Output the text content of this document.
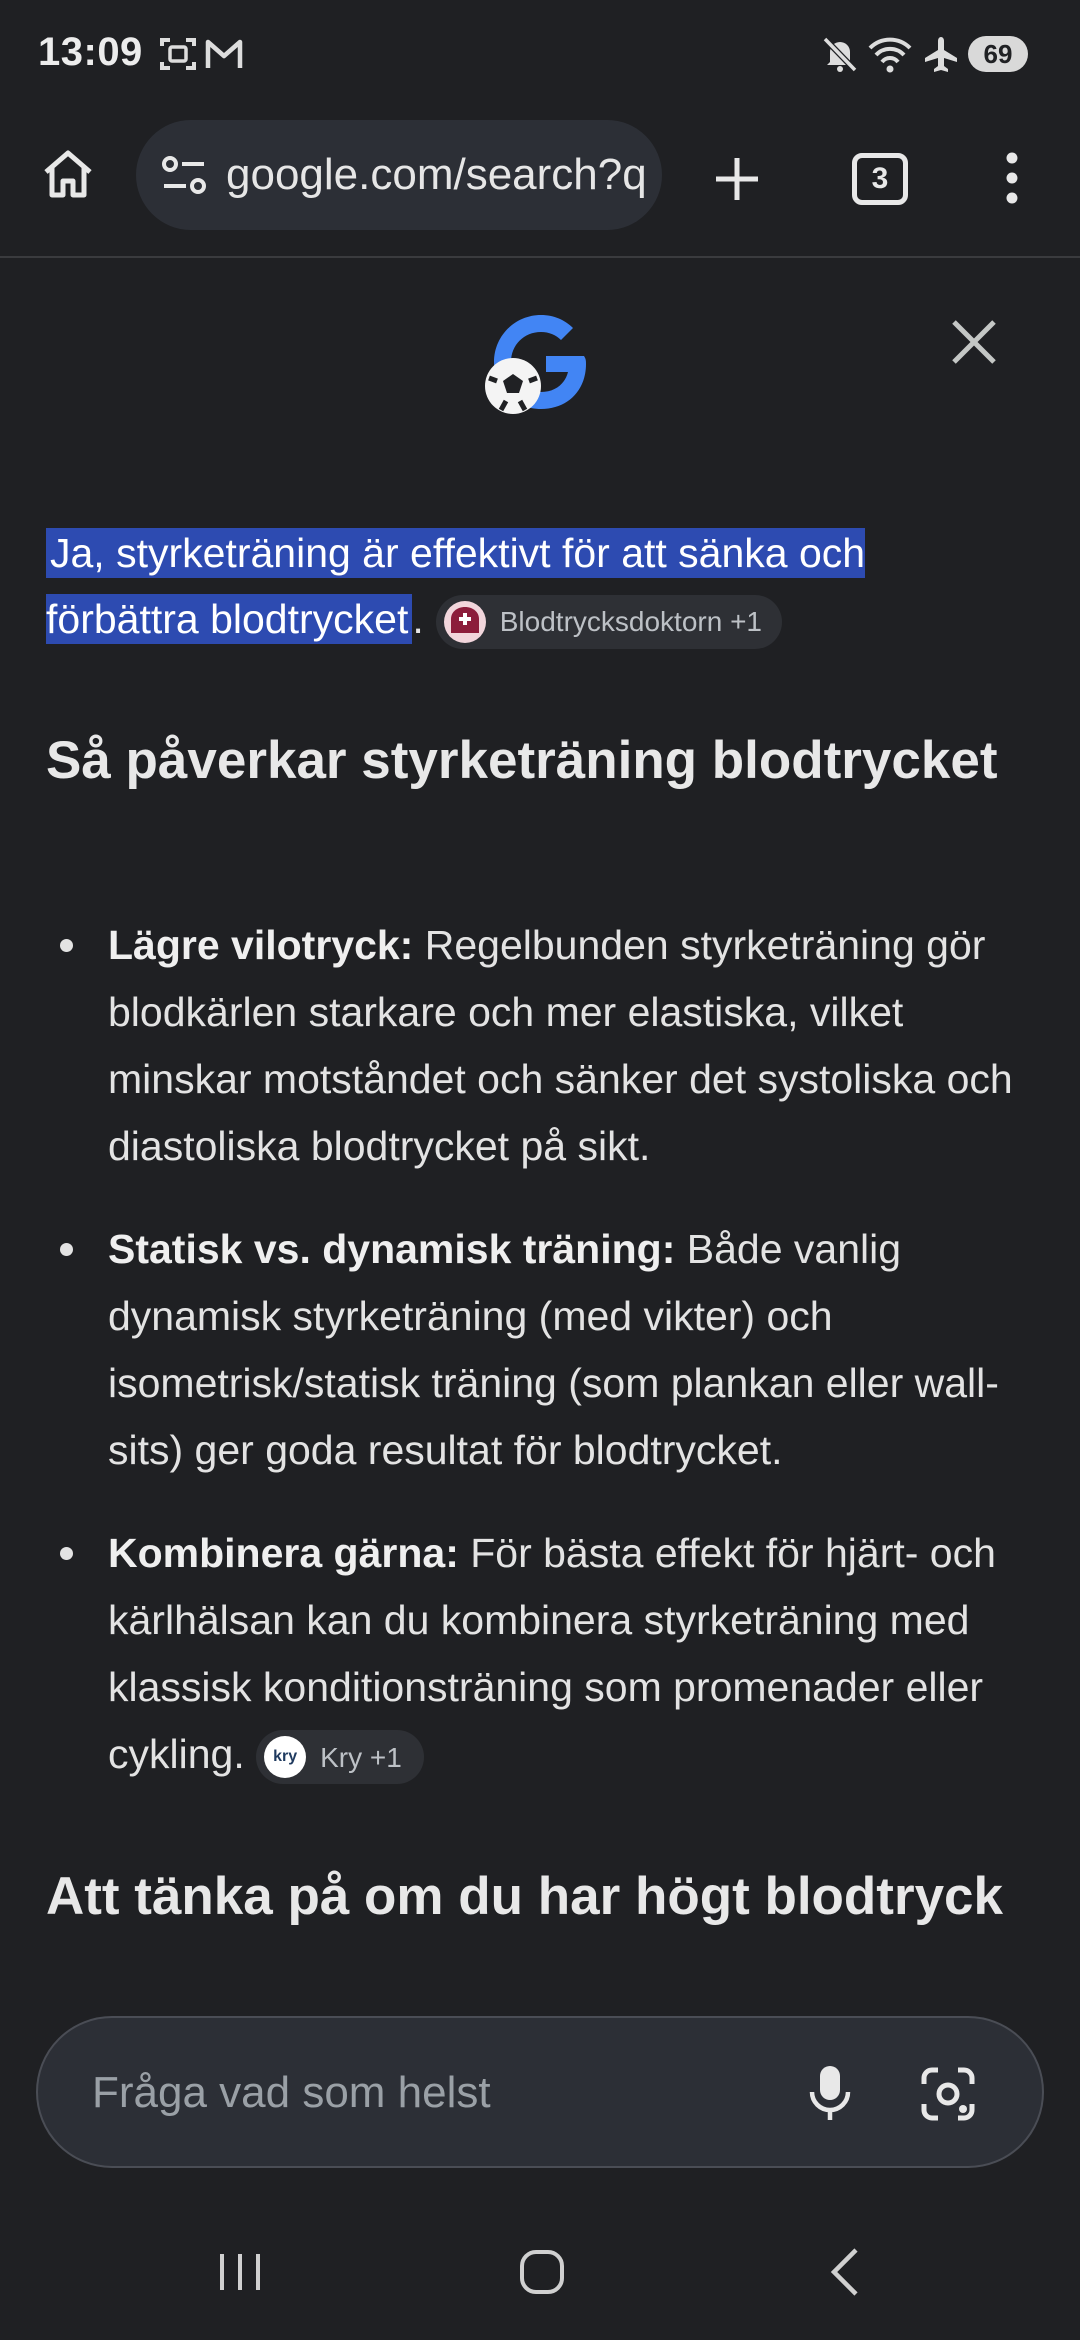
13:09	69
google.com/search?q	3
Ja, styrketräning är effektivt för att sänka och förbättra blodtrycket.	Blodtrycksdoktorn +1
Så påverkar styrketräning blodtrycket
Lägre vilotryck: Regelbunden styrketräning gör blodkärlen starkare och mer elastiska, vilket minskar motståndet och sänker det systoliska och diastoliska blodtrycket på sikt.
Statisk vs. dynamisk träning: Både vanlig dynamisk styrketräning (med vikter) och isometrisk/statisk träning (som plankan eller wall-sits) ger goda resultat för blodtrycket.
Kombinera gärna: För bästa effekt för hjärt- och kärlhälsan kan du kombinera styrketräning med klassisk konditionsträning som promenader eller cykling.	kry Kry +1
Att tänka på om du har högt blodtryck
Fråga vad som helst
